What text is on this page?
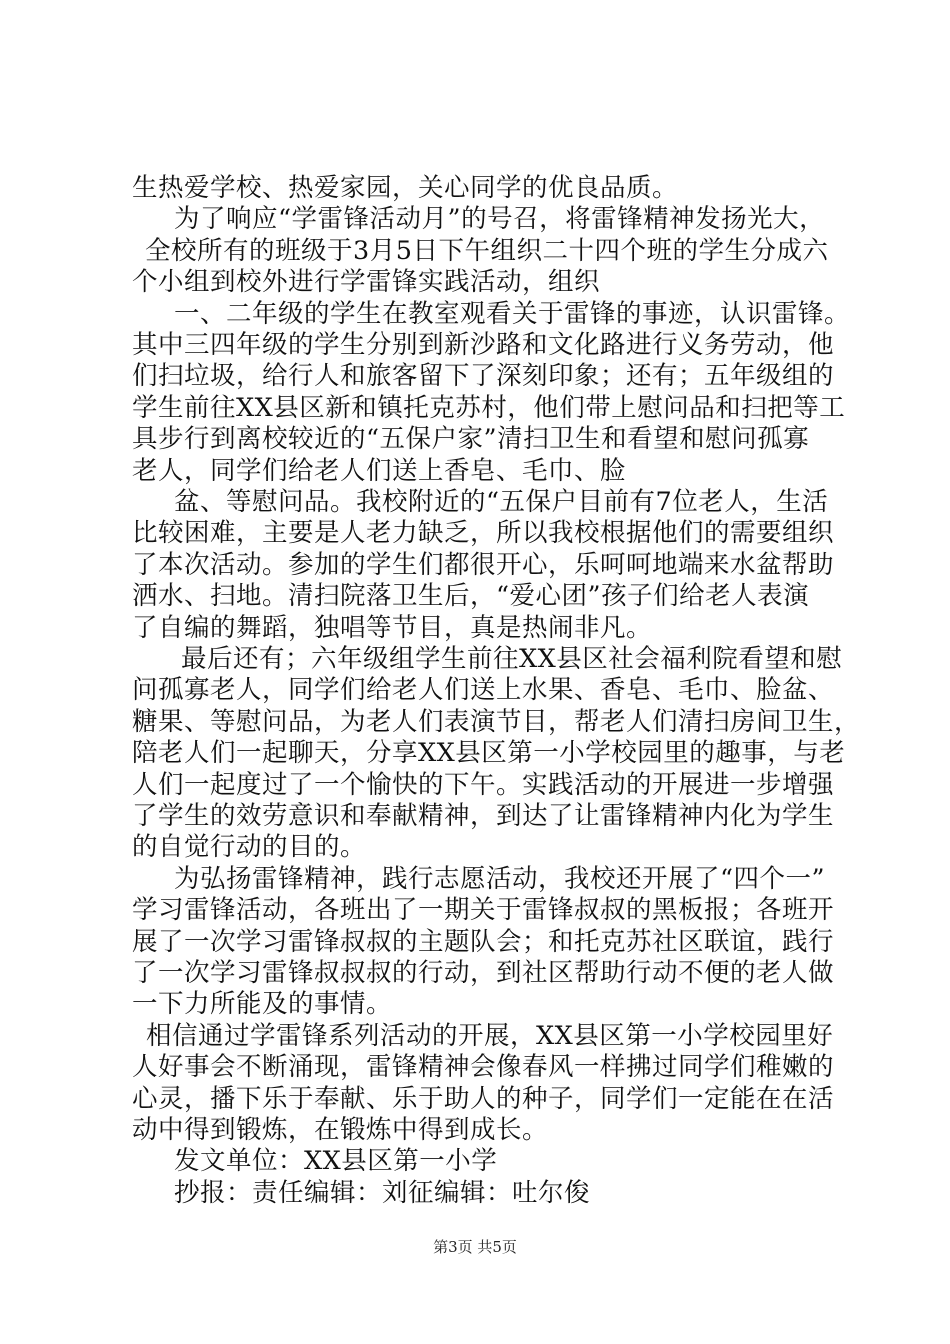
生热爱学校、热爱家园，关心同学的优良品质。
为了响应“学雷锋活动月”的号召，将雷锋精神发扬光大，
全校所有的班级于3月5日下午组织二十四个班的学生分成六
个小组到校外进行学雷锋实践活动，组织
一、二年级的学生在教室观看关于雷锋的事迹，认识雷锋。
其中三四年级的学生分别到新沙路和文化路进行义务劳动，他
们扫垃圾，给行人和旅客留下了深刻印象；还有；五年级组的
学生前往XX县区新和镇托克苏村，他们带上慰问品和扫把等工
具步行到离校较近的“五保户家”清扫卫生和看望和慰问孤寡
老人，同学们给老人们送上香皂、毛巾、脸
盆、等慰问品。我校附近的“五保户目前有7位老人，生活
比较困难，主要是人老力缺乏，所以我校根据他们的需要组织
了本次活动。参加的学生们都很开心，乐呵呵地端来水盆帮助
洒水、扫地。清扫院落卫生后，“爱心团”孩子们给老人表演
了自编的舞蹈，独唱等节目，真是热闹非凡。
最后还有；六年级组学生前往XX县区社会福利院看望和慰
问孤寡老人，同学们给老人们送上水果、香皂、毛巾、脸盆、
糖果、等慰问品，为老人们表演节目，帮老人们清扫房间卫生，
陪老人们一起聊天，分享XX县区第一小学校园里的趣事，与老
人们一起度过了一个愉快的下午。实践活动的开展进一步增强
了学生的效劳意识和奉献精神，到达了让雷锋精神内化为学生
的自觉行动的目的。
为弘扬雷锋精神，践行志愿活动，我校还开展了“四个一”
学习雷锋活动，各班出了一期关于雷锋叔叔的黑板报；各班开
展了一次学习雷锋叔叔的主题队会；和托克苏社区联谊，践行
了一次学习雷锋叔叔叔的行动，到社区帮助行动不便的老人做
一下力所能及的事情。
相信通过学雷锋系列活动的开展，XX县区第一小学校园里好
人好事会不断涌现，雷锋精神会像春风一样拂过同学们稚嫩的
心灵，播下乐于奉献、乐于助人的种子，同学们一定能在在活
动中得到锻炼，在锻炼中得到成长。
发文单位：XX县区第一小学
抄报：责任编辑：刘征编辑：吐尔俊
第3页 共5页
